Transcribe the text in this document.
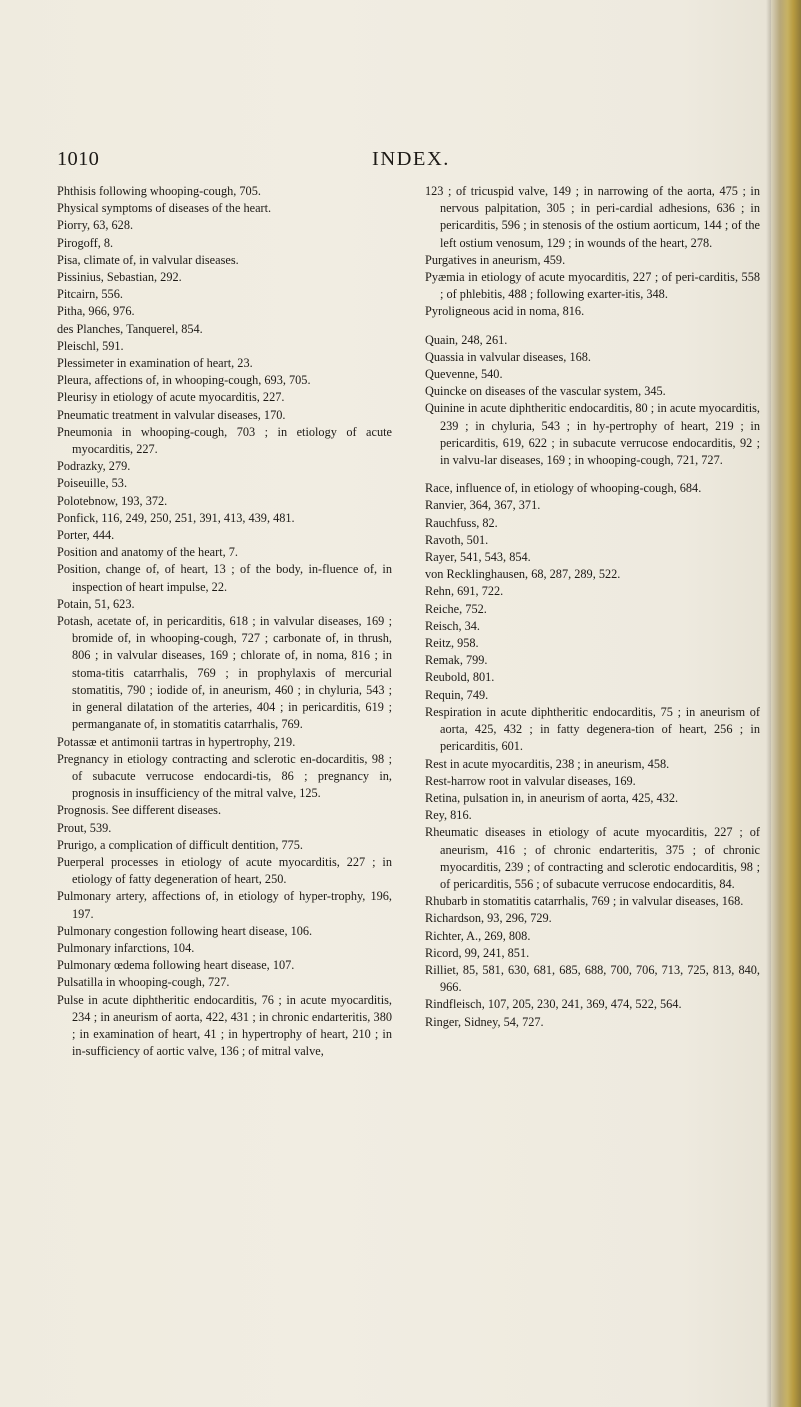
1010	INDEX.

Phthisis following whooping-cough, 705.

Physical symptoms of diseases of the heart.

Piorry, 63, 628.

Pirogoff, 8.

Pisa, climate of, in valvular diseases.

Pissinius, Sebastian, 292.

Pitcairn, 556.

Pitha, 966, 976.

des Planches, Tanquerel, 854.

Pleischl, 591.

Plessimeter in examination of heart, 23.

Pleura, affections of, in whooping-cough, 693, 705.

Pleurisy in etiology of acute myocarditis, 227.

Pneumatic treatment in valvular diseases, 170.

Pneumonia in whooping-cough, 703 ; in etiology of acute myocarditis, 227.

Podrazky, 279.

Poiseuille, 53.

Polotebnow, 193, 372.

Ponfick, 116, 249, 250, 251, 391, 413, 439, 481.

Porter, 444.

Position and anatomy of the heart, 7.

Position, change of, of heart, 13 ; of the body, in-fluence of, in inspection of heart impulse, 22.

Potain, 51, 623.

Potash, acetate of, in pericarditis, 618 ; in valvular diseases, 169 ; bromide of, in whooping-cough, 727 ; carbonate of, in thrush, 806 ; in valvular diseases, 169 ; chlorate of, in noma, 816 ; in stoma-titis catarrhalis, 769 ; in prophylaxis of mercurial stomatitis, 790 ; iodide of, in aneurism, 460 ; in chyluria, 543 ; in general dilatation of the arteries, 404 ; in pericarditis, 619 ; permanganate of, in stomatitis catarrhalis, 769.

Potassæ et antimonii tartras in hypertrophy, 219.

Pregnancy in etiology contracting and sclerotic en-docarditis, 98 ; of subacute verrucose endocardi-tis, 86 ; pregnancy in, prognosis in insufficiency of the mitral valve, 125.

Prognosis. See different diseases.

Prout, 539.

Prurigo, a complication of difficult dentition, 775.

Puerperal processes in etiology of acute myocarditis, 227 ; in etiology of fatty degeneration of heart, 250.

Pulmonary artery, affections of, in etiology of hyper-trophy, 196, 197.

Pulmonary congestion following heart disease, 106.

Pulmonary infarctions, 104.

Pulmonary œdema following heart disease, 107.

Pulsatilla in whooping-cough, 727.

Pulse in acute diphtheritic endocarditis, 76 ; in acute myocarditis, 234 ; in aneurism of aorta, 422, 431 ; in chronic endarteritis, 380 ; in examination of heart, 41 ; in hypertrophy of heart, 210 ; in in-sufficiency of aortic valve, 136 ; of mitral valve,

123 ; of tricuspid valve, 149 ; in narrowing of the aorta, 475 ; in nervous palpitation, 305 ; in peri-cardial adhesions, 636 ; in pericarditis, 596 ; in stenosis of the ostium aorticum, 144 ; of the left ostium venosum, 129 ; in wounds of the heart, 278.

Purgatives in aneurism, 459.

Pyæmia in etiology of acute myocarditis, 227 ; of peri-carditis, 558 ; of phlebitis, 488 ; following exarter-itis, 348.

Pyroligneous acid in noma, 816.

Quain, 248, 261.

Quassia in valvular diseases, 168.

Quevenne, 540.

Quincke on diseases of the vascular system, 345.

Quinine in acute diphtheritic endocarditis, 80 ; in acute myocarditis, 239 ; in chyluria, 543 ; in hy-pertrophy of heart, 219 ; in pericarditis, 619, 622 ; in subacute verrucose endocarditis, 92 ; in valvu-lar diseases, 169 ; in whooping-cough, 721, 727.

Race, influence of, in etiology of whooping-cough, 684.

Ranvier, 364, 367, 371.

Rauchfuss, 82.

Ravoth, 501.

Rayer, 541, 543, 854.

von Recklinghausen, 68, 287, 289, 522.

Rehn, 691, 722.

Reiche, 752.

Reisch, 34.

Reitz, 958.

Remak, 799.

Reubold, 801.

Requin, 749.

Respiration in acute diphtheritic endocarditis, 75 ; in aneurism of aorta, 425, 432 ; in fatty degenera-tion of heart, 256 ; in pericarditis, 601.

Rest in acute myocarditis, 238 ; in aneurism, 458.

Rest-harrow root in valvular diseases, 169.

Retina, pulsation in, in aneurism of aorta, 425, 432.

Rey, 816.

Rheumatic diseases in etiology of acute myocarditis, 227 ; of aneurism, 416 ; of chronic endarteritis, 375 ; of chronic myocarditis, 239 ; of contracting and sclerotic endocarditis, 98 ; of pericarditis, 556 ; of subacute verrucose endocarditis, 84.

Rhubarb in stomatitis catarrhalis, 769 ; in valvular diseases, 168.

Richardson, 93, 296, 729.

Richter, A., 269, 808.

Ricord, 99, 241, 851.

Rilliet, 85, 581, 630, 681, 685, 688, 700, 706, 713, 725, 813, 840, 966.

Rindfleisch, 107, 205, 230, 241, 369, 474, 522, 564.

Ringer, Sidney, 54, 727.
